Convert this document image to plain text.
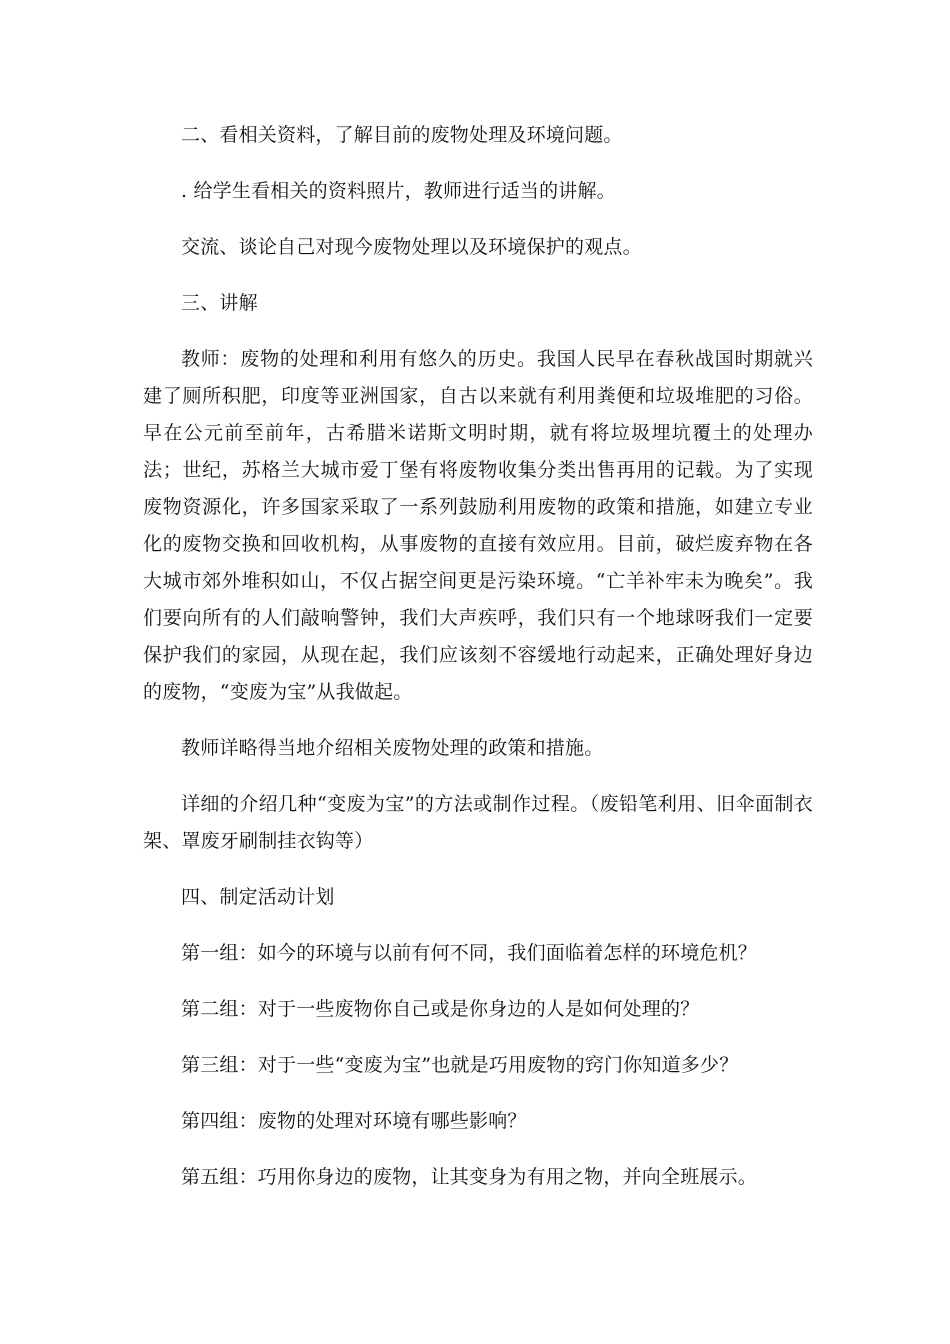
二、看相关资料，了解目前的废物处理及环境问题。

. 给学生看相关的资料照片，教师进行适当的讲解。

交流、谈论自己对现今废物处理以及环境保护的观点。

三、讲解

教师：废物的处理和利用有悠久的历史。我国人民早在春秋战国时期就兴建了厕所积肥，印度等亚洲国家，自古以来就有利用粪便和垃圾堆肥的习俗。早在公元前至前年，古希腊米诺斯文明时期，就有将垃圾埋坑覆土的处理办法；世纪，苏格兰大城市爱丁堡有将废物收集分类出售再用的记载。为了实现废物资源化，许多国家采取了一系列鼓励利用废物的政策和措施，如建立专业化的废物交换和回收机构，从事废物的直接有效应用。目前，破烂废弃物在各大城市郊外堆积如山，不仅占据空间更是污染环境。“亡羊补牢未为晚矣”。我们要向所有的人们敲响警钟，我们大声疾呼，我们只有一个地球呀我们一定要保护我们的家园，从现在起，我们应该刻不容缓地行动起来，正确处理好身边的废物，“变废为宝”从我做起。

教师详略得当地介绍相关废物处理的政策和措施。

详细的介绍几种“变废为宝”的方法或制作过程。（废铅笔利用、旧伞面制衣架、罩废牙刷制挂衣钩等）

四、制定活动计划

第一组：如今的环境与以前有何不同，我们面临着怎样的环境危机？

第二组：对于一些废物你自己或是你身边的人是如何处理的？

第三组：对于一些“变废为宝”也就是巧用废物的窍门你知道多少？

第四组：废物的处理对环境有哪些影响？

第五组：巧用你身边的废物，让其变身为有用之物，并向全班展示。
